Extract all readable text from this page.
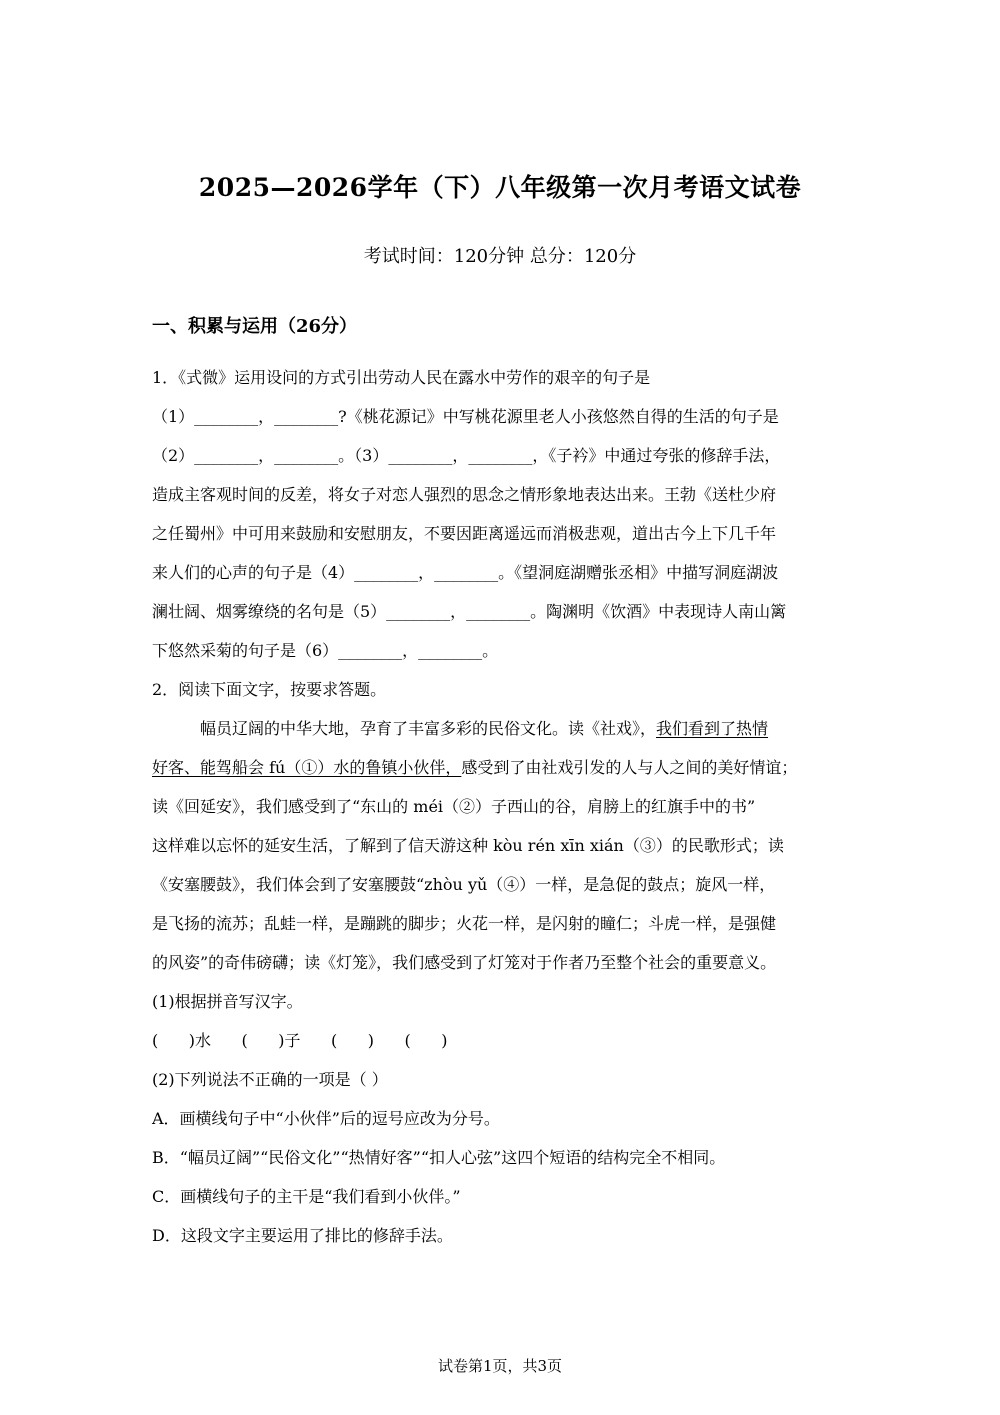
2025—2026学年（下）八年级第一次月考语文试卷
考试时间：120分钟 总分：120分
一、积累与运用（26分）

1．《式微》运用设问的方式引出劳动人民在露水中劳作的艰辛的句子是

（1）________，________?《桃花源记》中写桃花源里老人小孩悠然自得的生活的句子是

（2）________，________。（3）________，________，《子衿》中通过夸张的修辞手法，

造成主客观时间的反差，将女子对恋人强烈的思念之情形象地表达出来。王勃《送杜少府

之任蜀州》中可用来鼓励和安慰朋友，不要因距离遥远而消极悲观，道出古今上下几千年

来人们的心声的句子是（4）________，________。《望洞庭湖赠张丞相》中描写洞庭湖波

澜壮阔、烟雾缭绕的名句是（5）________，________。陶渊明《饮酒》中表现诗人南山篱

下悠然采菊的句子是（6）________，________。

2．阅读下面文字，按要求答题。

幅员辽阔的中华大地，孕育了丰富多彩的民俗文化。读《社戏》，我们看到了热情

好客、能驾船会 fú（①）水的鲁镇小伙伴，感受到了由社戏引发的人与人之间的美好情谊；

读《回延安》，我们感受到了“东山的 méi（②）子西山的谷，肩膀上的红旗手中的书”

这样难以忘怀的延安生活，了解到了信天游这种 kòu rén xīn xián（③）的民歌形式；读

《安塞腰鼓》，我们体会到了安塞腰鼓“zhòu yǔ（④）一样，是急促的鼓点；旋风一样，

是飞扬的流苏；乱蛙一样，是蹦跳的脚步；火花一样，是闪射的瞳仁；斗虎一样，是强健

的风姿”的奇伟磅礴；读《灯笼》，我们感受到了灯笼对于作者乃至整个社会的重要意义。

(1)根据拼音写汉字。

(      )水      (      )子      (      )      (      )

(2)下列说法不正确的一项是（ ）

A．画横线句子中“小伙伴”后的逗号应改为分号。

B．“幅员辽阔”“民俗文化”“热情好客”“扣人心弦”这四个短语的结构完全不相同。

C．画横线句子的主干是“我们看到小伙伴。”

D．这段文字主要运用了排比的修辞手法。

试卷第1页，共3页
